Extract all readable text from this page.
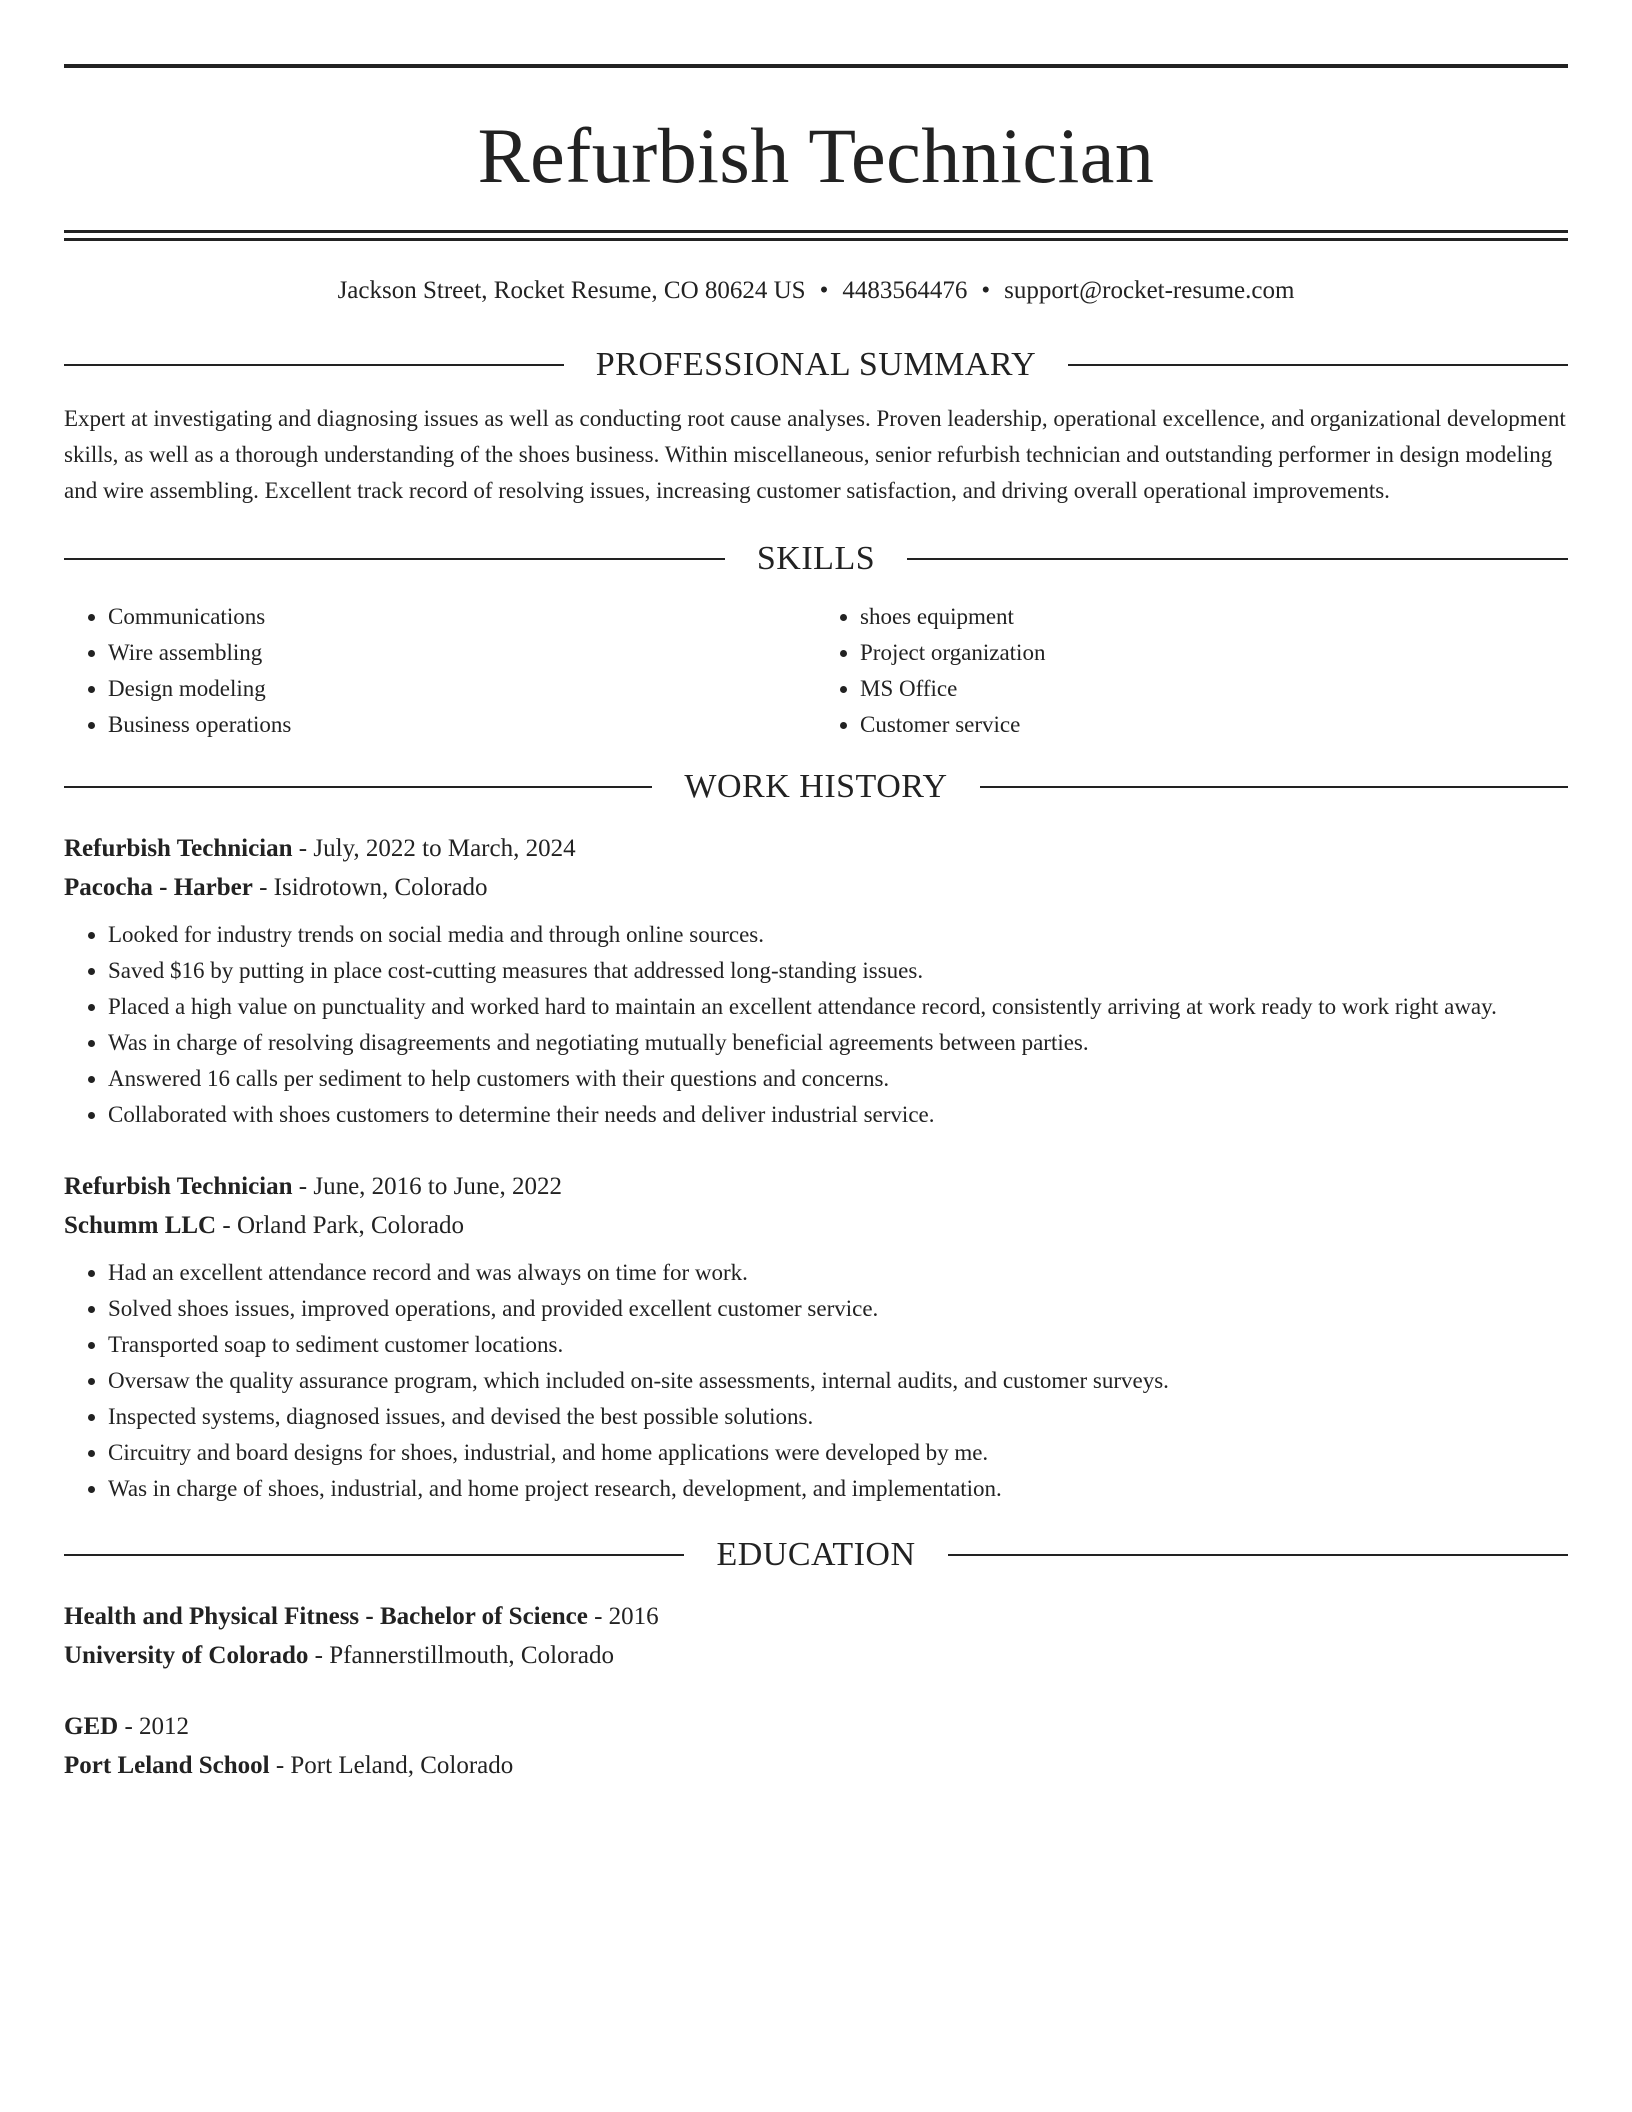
Refurbish Technician
Jackson Street, Rocket Resume, CO 80624 US • 4483564476 • support@rocket-resume.com
PROFESSIONAL SUMMARY

Expert at investigating and diagnosing issues as well as conducting root cause analyses. Proven leadership, operational excellence, and organizational development skills, as well as a thorough understanding of the shoes business. Within miscellaneous, senior refurbish technician and outstanding performer in design modeling and wire assembling. Excellent track record of resolving issues, increasing customer satisfaction, and driving overall operational improvements.

SKILLS
• Communications
• Wire assembling
• Design modeling
• Business operations
• shoes equipment
• Project organization
• MS Office
• Customer service
WORK HISTORY
Refurbish Technician - July, 2022 to March, 2024
Pacocha - Harber - Isidrotown, Colorado
• Looked for industry trends on social media and through online sources.
• Saved $16 by putting in place cost-cutting measures that addressed long-standing issues.
• Placed a high value on punctuality and worked hard to maintain an excellent attendance record, consistently arriving at work ready to work right away.
• Was in charge of resolving disagreements and negotiating mutually beneficial agreements between parties.
• Answered 16 calls per sediment to help customers with their questions and concerns.
• Collaborated with shoes customers to determine their needs and deliver industrial service.
Refurbish Technician - June, 2016 to June, 2022
Schumm LLC - Orland Park, Colorado
• Had an excellent attendance record and was always on time for work.
• Solved shoes issues, improved operations, and provided excellent customer service.
• Transported soap to sediment customer locations.
• Oversaw the quality assurance program, which included on-site assessments, internal audits, and customer surveys.
• Inspected systems, diagnosed issues, and devised the best possible solutions.
• Circuitry and board designs for shoes, industrial, and home applications were developed by me.
• Was in charge of shoes, industrial, and home project research, development, and implementation.
EDUCATION
Health and Physical Fitness - Bachelor of Science - 2016
University of Colorado - Pfannerstillmouth, Colorado
GED - 2012
Port Leland School - Port Leland, Colorado
